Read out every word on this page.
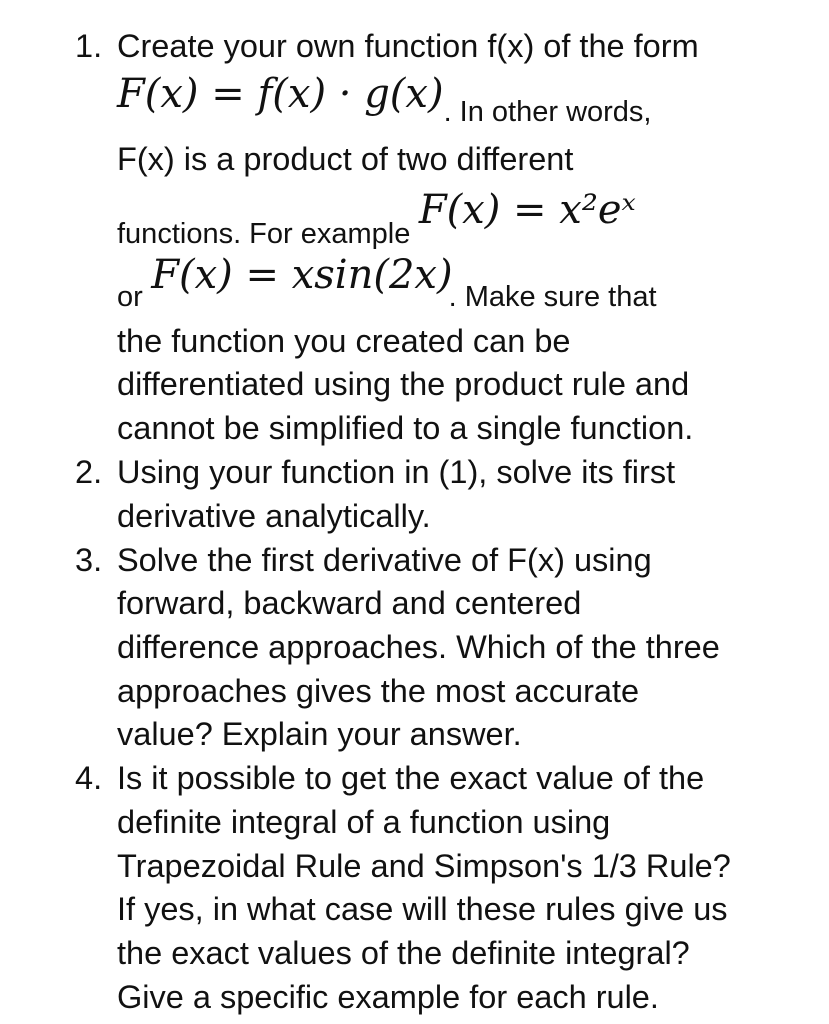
1. Create your own function f(x) of the form
F(x) = f(x) · g(x). In other words,
F(x) is a product of two different
functions. For example F(x) = x²eˣ
or F(x) = xsin(2x). Make sure that
the function you created can be
differentiated using the product rule and
cannot be simplified to a single function.
2. Using your function in (1), solve its first
derivative analytically.
3. Solve the first derivative of F(x) using
forward, backward and centered
difference approaches. Which of the three
approaches gives the most accurate
value? Explain your answer.
4. Is it possible to get the exact value of the
definite integral of a function using
Trapezoidal Rule and Simpson's 1/3 Rule?
If yes, in what case will these rules give us
the exact values of the definite integral?
Give a specific example for each rule.
